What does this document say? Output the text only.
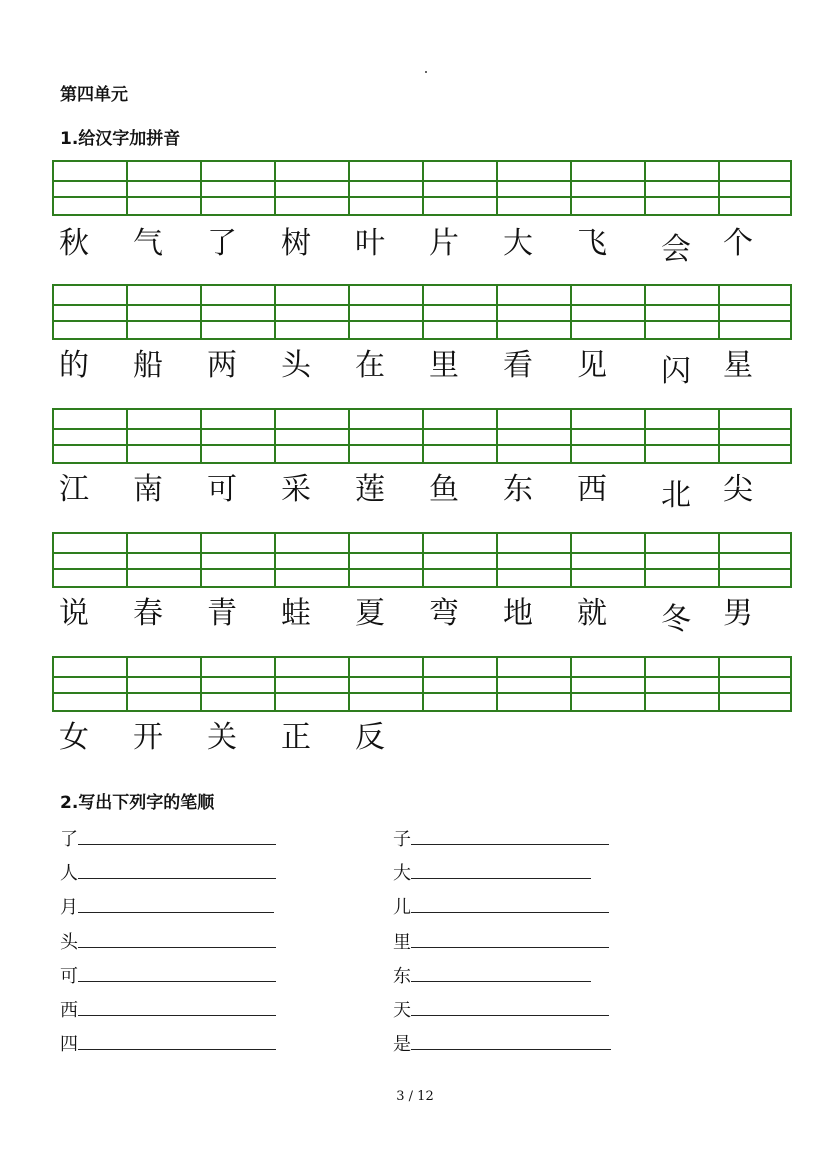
第四单元
1.给汉字加拼音
秋 气 了 树 叶 片 大 飞 会 个
的 船 两 头 在 里 看 见 闪 星
江 南 可 采 莲 鱼 东 西 北 尖
说 春 青 蛙 夏 弯 地 就 冬 男
女 开 关 正 反
2.写出下列字的笔顺
了
人
月
头
可
西
四
子
大
儿
里
东
天
是
3 / 12
